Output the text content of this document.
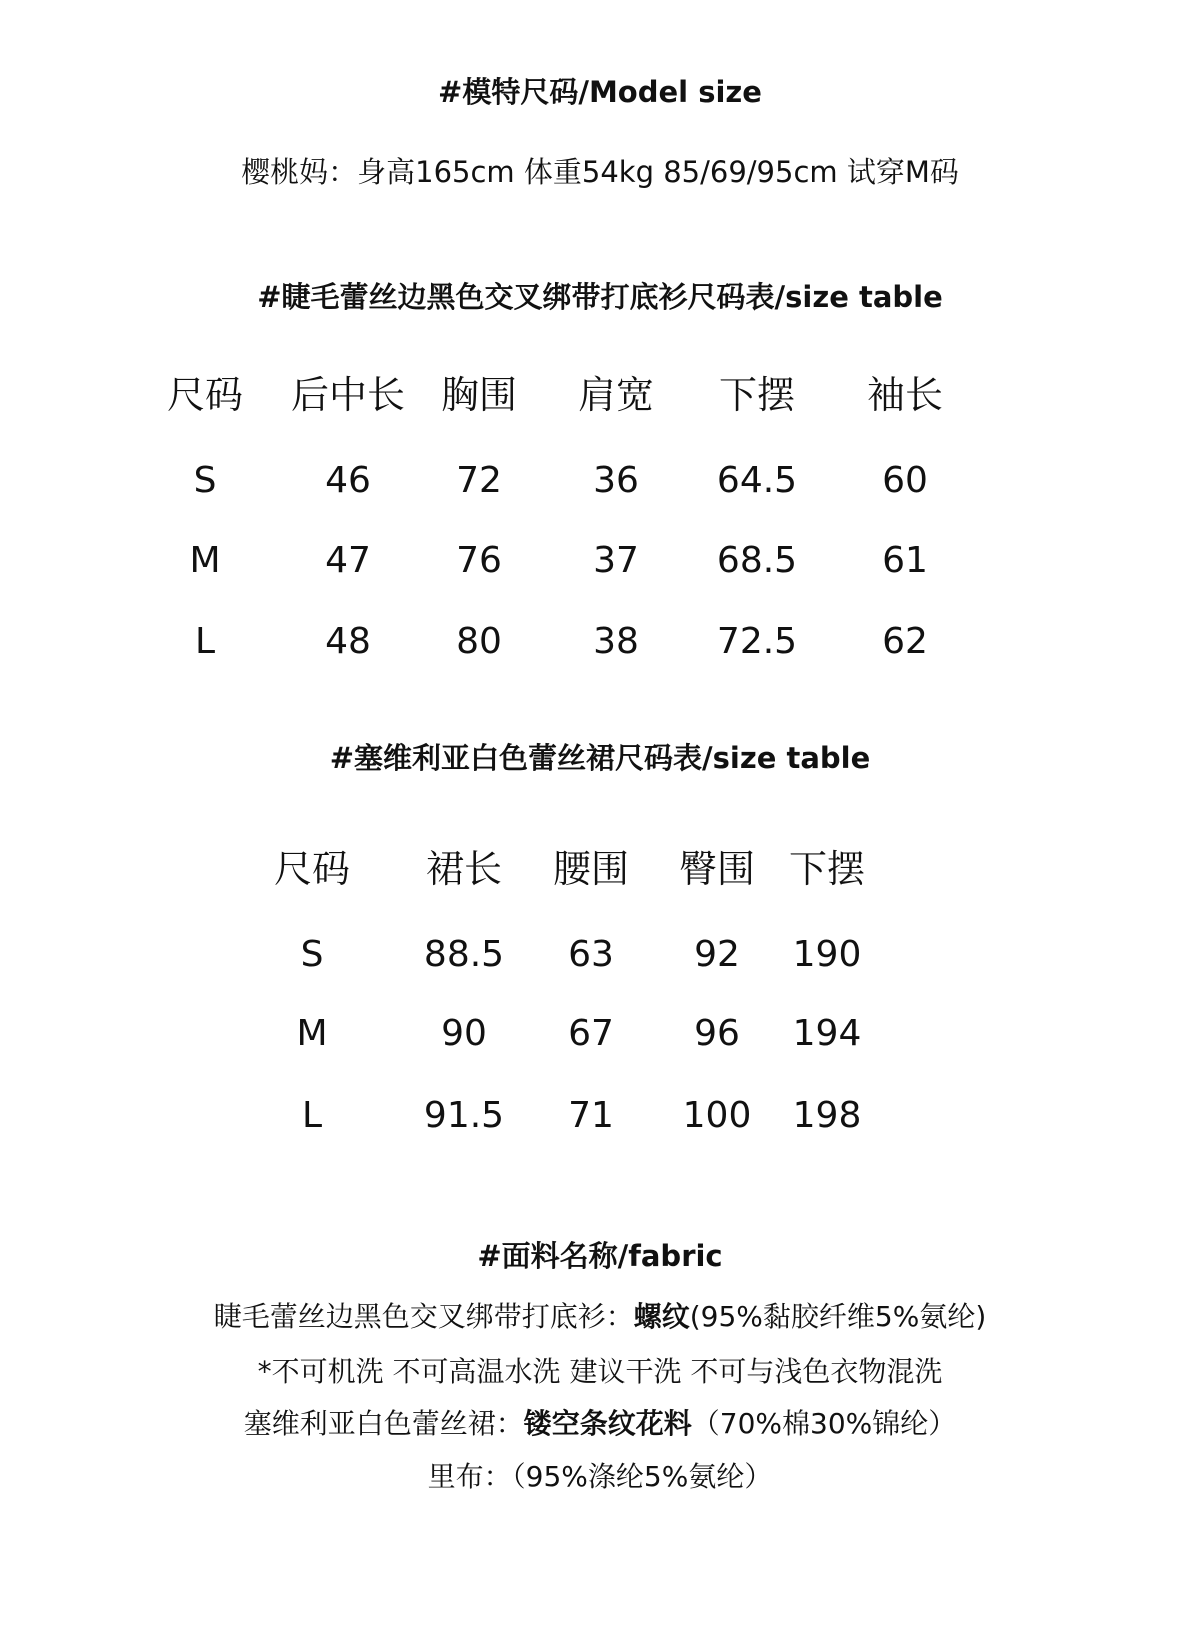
#模特尺码/Model size
樱桃妈：身高165cm 体重54kg 85/69/95cm 试穿M码
#睫毛蕾丝边黑色交叉绑带打底衫尺码表/size table
尺码 后中长 胸围 肩宽 下摆 袖长
S	46 72	36 64.5 60
M	47 76	37 68.5 61
L	48 80	38 72.5 62
#塞维利亚白色蕾丝裙尺码表/size table
尺码 裙长 腰围 臀围 下摆
S	88.5 63 92 190
M	90 67 96 194
L	91.5 71 100 198
#面料名称/fabric
睫毛蕾丝边黑色交叉绑带打底衫：螺纹(95%黏胶纤维5%氨纶)
*不可机洗 不可高温水洗 建议干洗 不可与浅色衣物混洗
塞维利亚白色蕾丝裙：镂空条纹花料（70%棉30%锦纶）
里布：（95%涤纶5%氨纶）
